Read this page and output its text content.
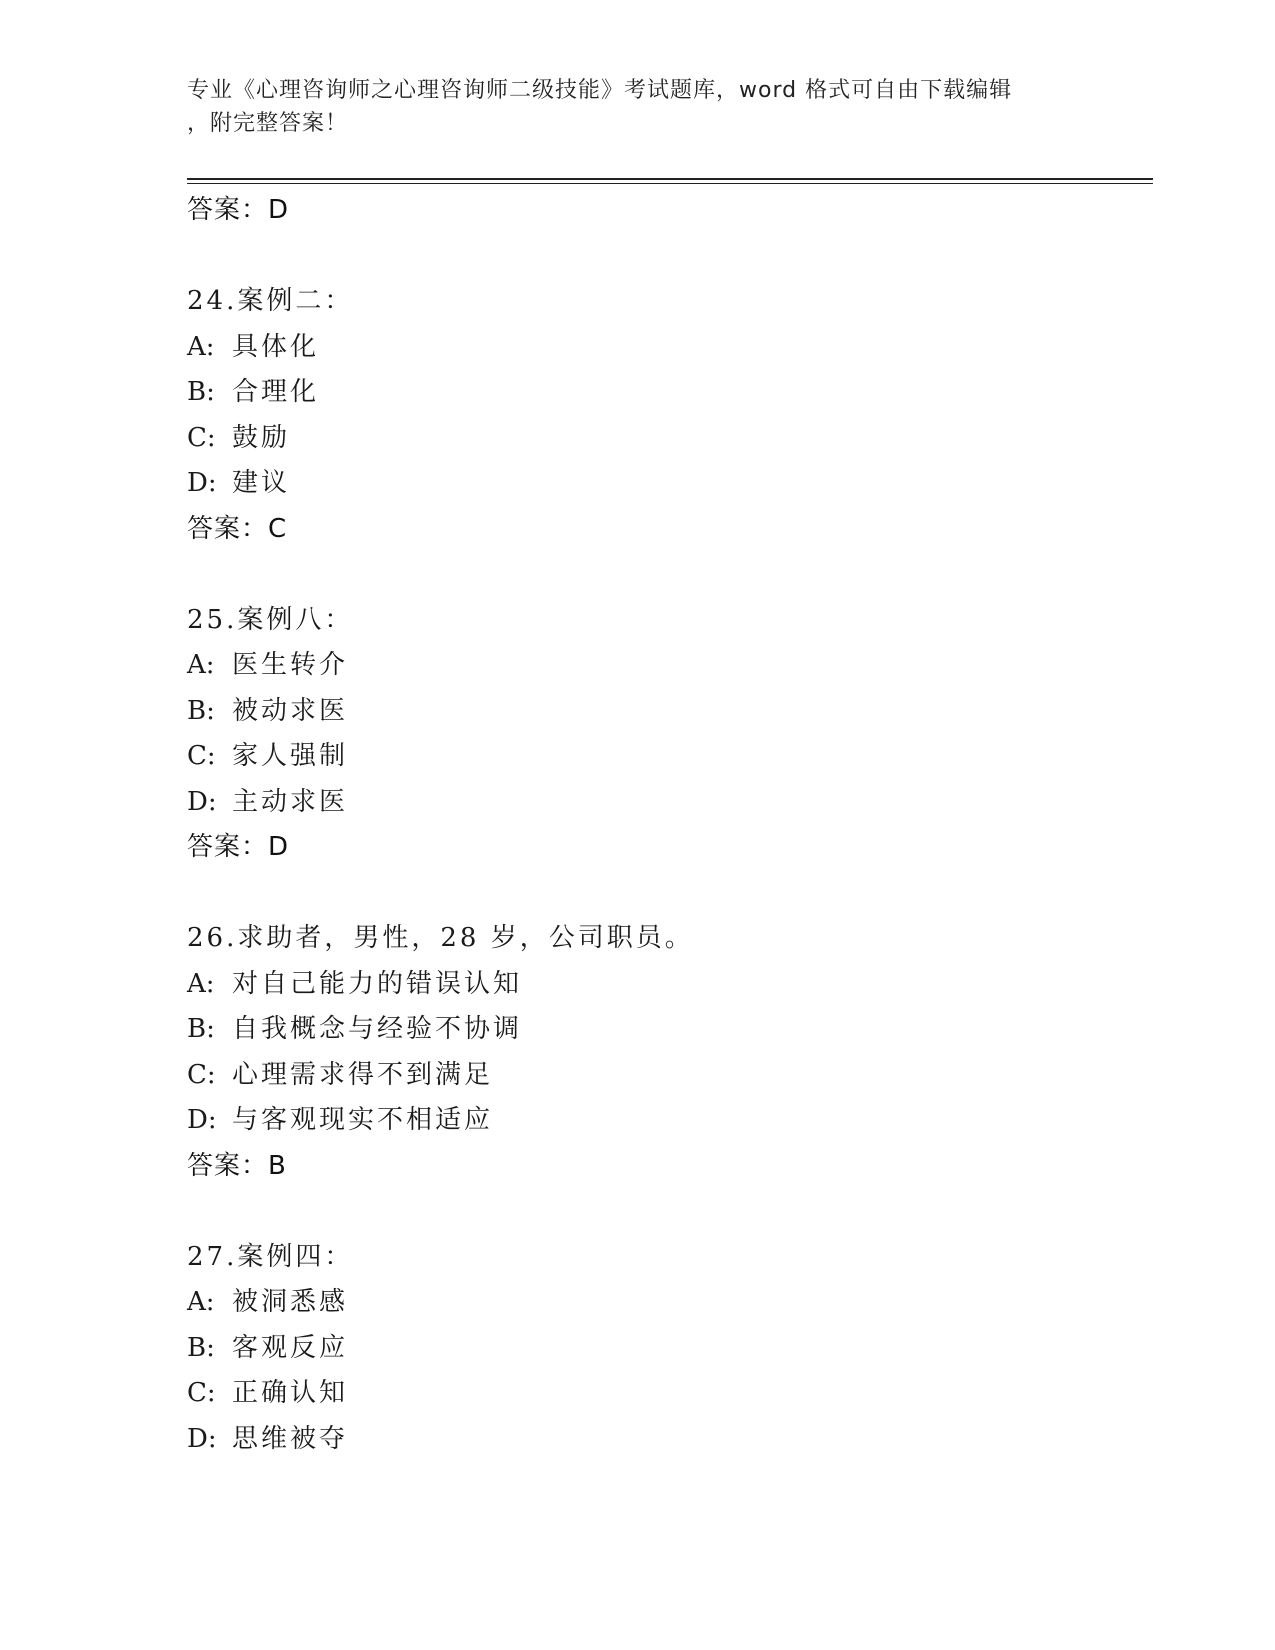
专业《心理咨询师之心理咨询师二级技能》考试题库，word 格式可自由下载编辑
，附完整答案！
答案：D
24.案例二：
A: 具体化
B: 合理化
C: 鼓励
D: 建议
答案：C
25.案例八：
A: 医生转介
B: 被动求医
C: 家人强制
D: 主动求医
答案：D
26.求助者，男性，28 岁，公司职员。
A: 对自己能力的错误认知
B: 自我概念与经验不协调
C: 心理需求得不到满足
D: 与客观现实不相适应
答案：B
27.案例四：
A: 被洞悉感
B: 客观反应
C: 正确认知
D: 思维被夺
